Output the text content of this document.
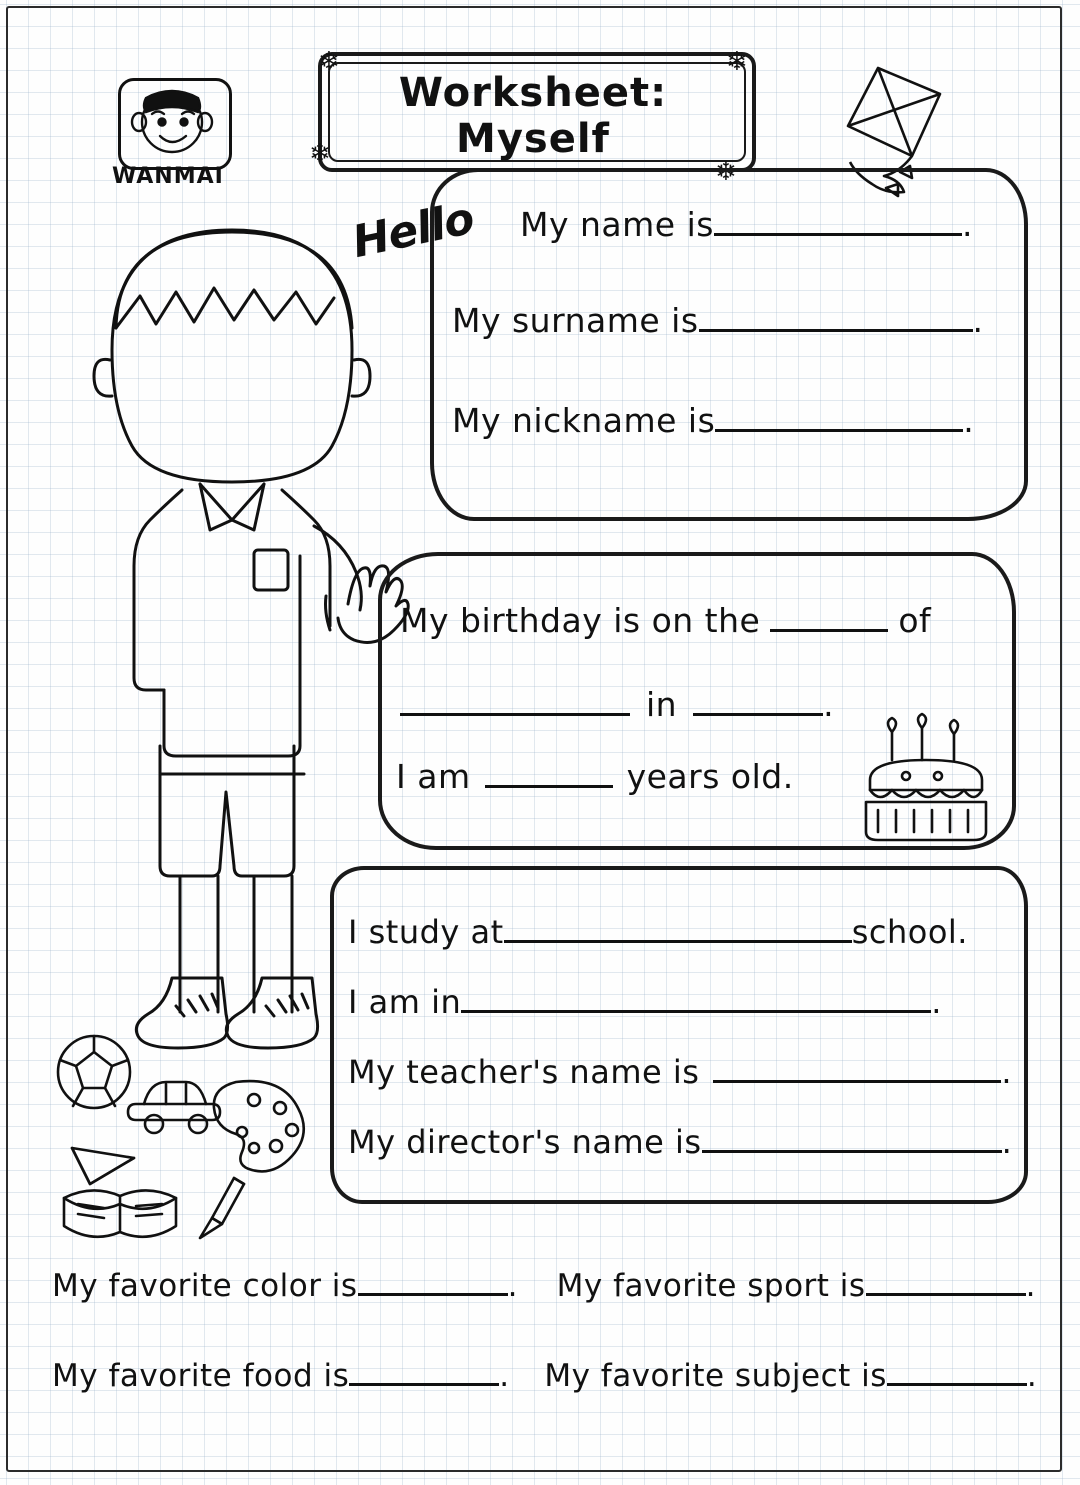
Worksheet: Myself
❄	❄
❄
❄
WANMAI
Hello My name is	.
My surname is	.
My nickname is	.
My birthday is on the	of
in	.
I am	years old.
I study at	school.
I am in	.
My teacher's name is	.
My director's name is	.
My favorite color is	. My favorite sport is	.
My favorite food is	. My favorite subject is	.
